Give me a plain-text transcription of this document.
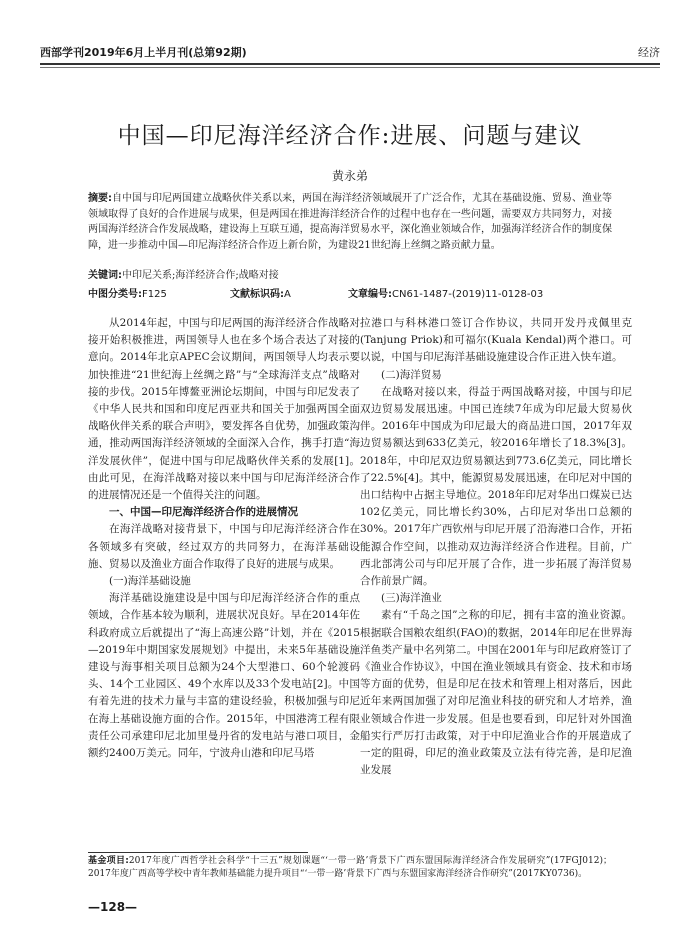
西部学刊2019年6月上半月刊(总第92期)	经济
中国—印尼海洋经济合作:进展、问题与建议
黄永弟
摘要:自中国与印尼两国建立战略伙伴关系以来，两国在海洋经济领域展开了广泛合作，尤其在基础设施、贸易、渔业等领域取得了良好的合作进展与成果，但是两国在推进海洋经济合作的过程中也存在一些问题，需要双方共同努力，对接两国海洋经济合作发展战略，建设海上互联互通，提高海洋贸易水平，深化渔业领域合作，加强海洋经济合作的制度保障，进一步推动中国—印尼海洋经济合作迈上新台阶，为建设21世纪海上丝绸之路贡献力量。
关键词:中印尼关系;海洋经济合作;战略对接
中图分类号:F125	文献标识码:A	文章编号:CN61-1487-(2019)11-0128-03

从2014年起，中国与印尼两国的海洋经济合作战略对接开始积极推进，两国领导人也在多个场合表达了对接的意向。2014年北京APEC会议期间，两国领导人均表示要加快推进“21世纪海上丝绸之路”与“全球海洋支点”战略对接的步伐。2015年博鳌亚洲论坛期间，中国与印尼发表了《中华人民共和国和印度尼西亚共和国关于加强两国全面战略伙伴关系的联合声明》，要发挥各自优势，加强政策沟通，推动两国海洋经济领域的全面深入合作，携手打造“海洋发展伙伴”，促进中国与印尼战略伙伴关系的发展[1]。由此可见，在海洋战略对接以来中国与印尼海洋经济合作的进展情况还是一个值得关注的问题。

一、中国—印尼海洋经济合作的进展情况

在海洋战略对接背景下，中国与印尼海洋经济合作在各领域多有突破，经过双方的共同努力，在海洋基础设施、贸易以及渔业方面合作取得了良好的进展与成果。

(一)海洋基础设施

海洋基础设施建设是中国与印尼海洋经济合作的重点领域，合作基本较为顺利，进展状况良好。早在2014年佐科政府成立后就提出了“海上高速公路”计划，并在《2015—2019年中期国家发展规划》中提出，未来5年基础设施建设与海事相关项目总额为24个大型港口、60个轮渡码头、14个工业园区、49个水库以及33个发电站[2]。中国有着先进的技术力量与丰富的建设经验，积极加强与印尼在海上基础设施方面的合作。2015年，中国港湾工程有限责任公司承建印尼北加里曼丹省的发电站与港口项目，金额约2400万美元。同年，宁波舟山港和印尼马塔

拉港口与科林港口签订合作协议，共同开发丹戎佩里克(Tanjung Priok)和可福尔(Kuala Kendal)两个港口。可以说，中国与印尼海洋基础设施建设合作正进入快车道。

(二)海洋贸易

在战略对接以来，得益于两国战略对接，中国与印尼双边贸易发展迅速。中国已连续7年成为印尼最大贸易伙伴。2016年中国成为印尼最大的商品进口国，2017年双边贸易额达到633亿美元，较2016年增长了18.3%[3]。2018年，中印尼双边贸易额达到773.6亿美元，同比增长了22.5%[4]。其中，能源贸易发展迅速，在印尼对中国的出口结构中占据主导地位。2018年印尼对华出口煤炭已达102亿美元，同比增长约30%，占印尼对华出口总额的30%。2017年广西钦州与印尼开展了沿海港口合作，开拓能源合作空间，以推动双边海洋经济合作进程。目前，广西北部湾公司与印尼开展了合作，进一步拓展了海洋贸易合作前景广阔。

(三)海洋渔业

素有“千岛之国”之称的印尼，拥有丰富的渔业资源。根据联合国粮农组织(FAO)的数据，2014年印尼在世界海洋鱼类产量中名列第二。中国在2001年与印尼政府签订了《渔业合作协议》，中国在渔业领域具有资金、技术和市场等方面的优势，但是印尼在技术和管理上相对落后，因此近年来两国加强了对印尼渔业科技的研究和人才培养，渔业领域合作进一步发展。但是也要看到，印尼针对外国渔船实行严厉打击政策，对于中印尼渔业合作的开展造成了一定的阻碍，印尼的渔业政策及立法有待完善，是印尼渔业发展

基金项目:2017年度广西哲学社会科学“十三五”规划课题“‘一带一路’背景下广西东盟国际海洋经济合作发展研究”(17FGJ012)；2017年度广西高等学校中青年教师基础能力提升项目“‘一带一路’背景下广西与东盟国家海洋经济合作研究”(2017KY0736)。
—128—
